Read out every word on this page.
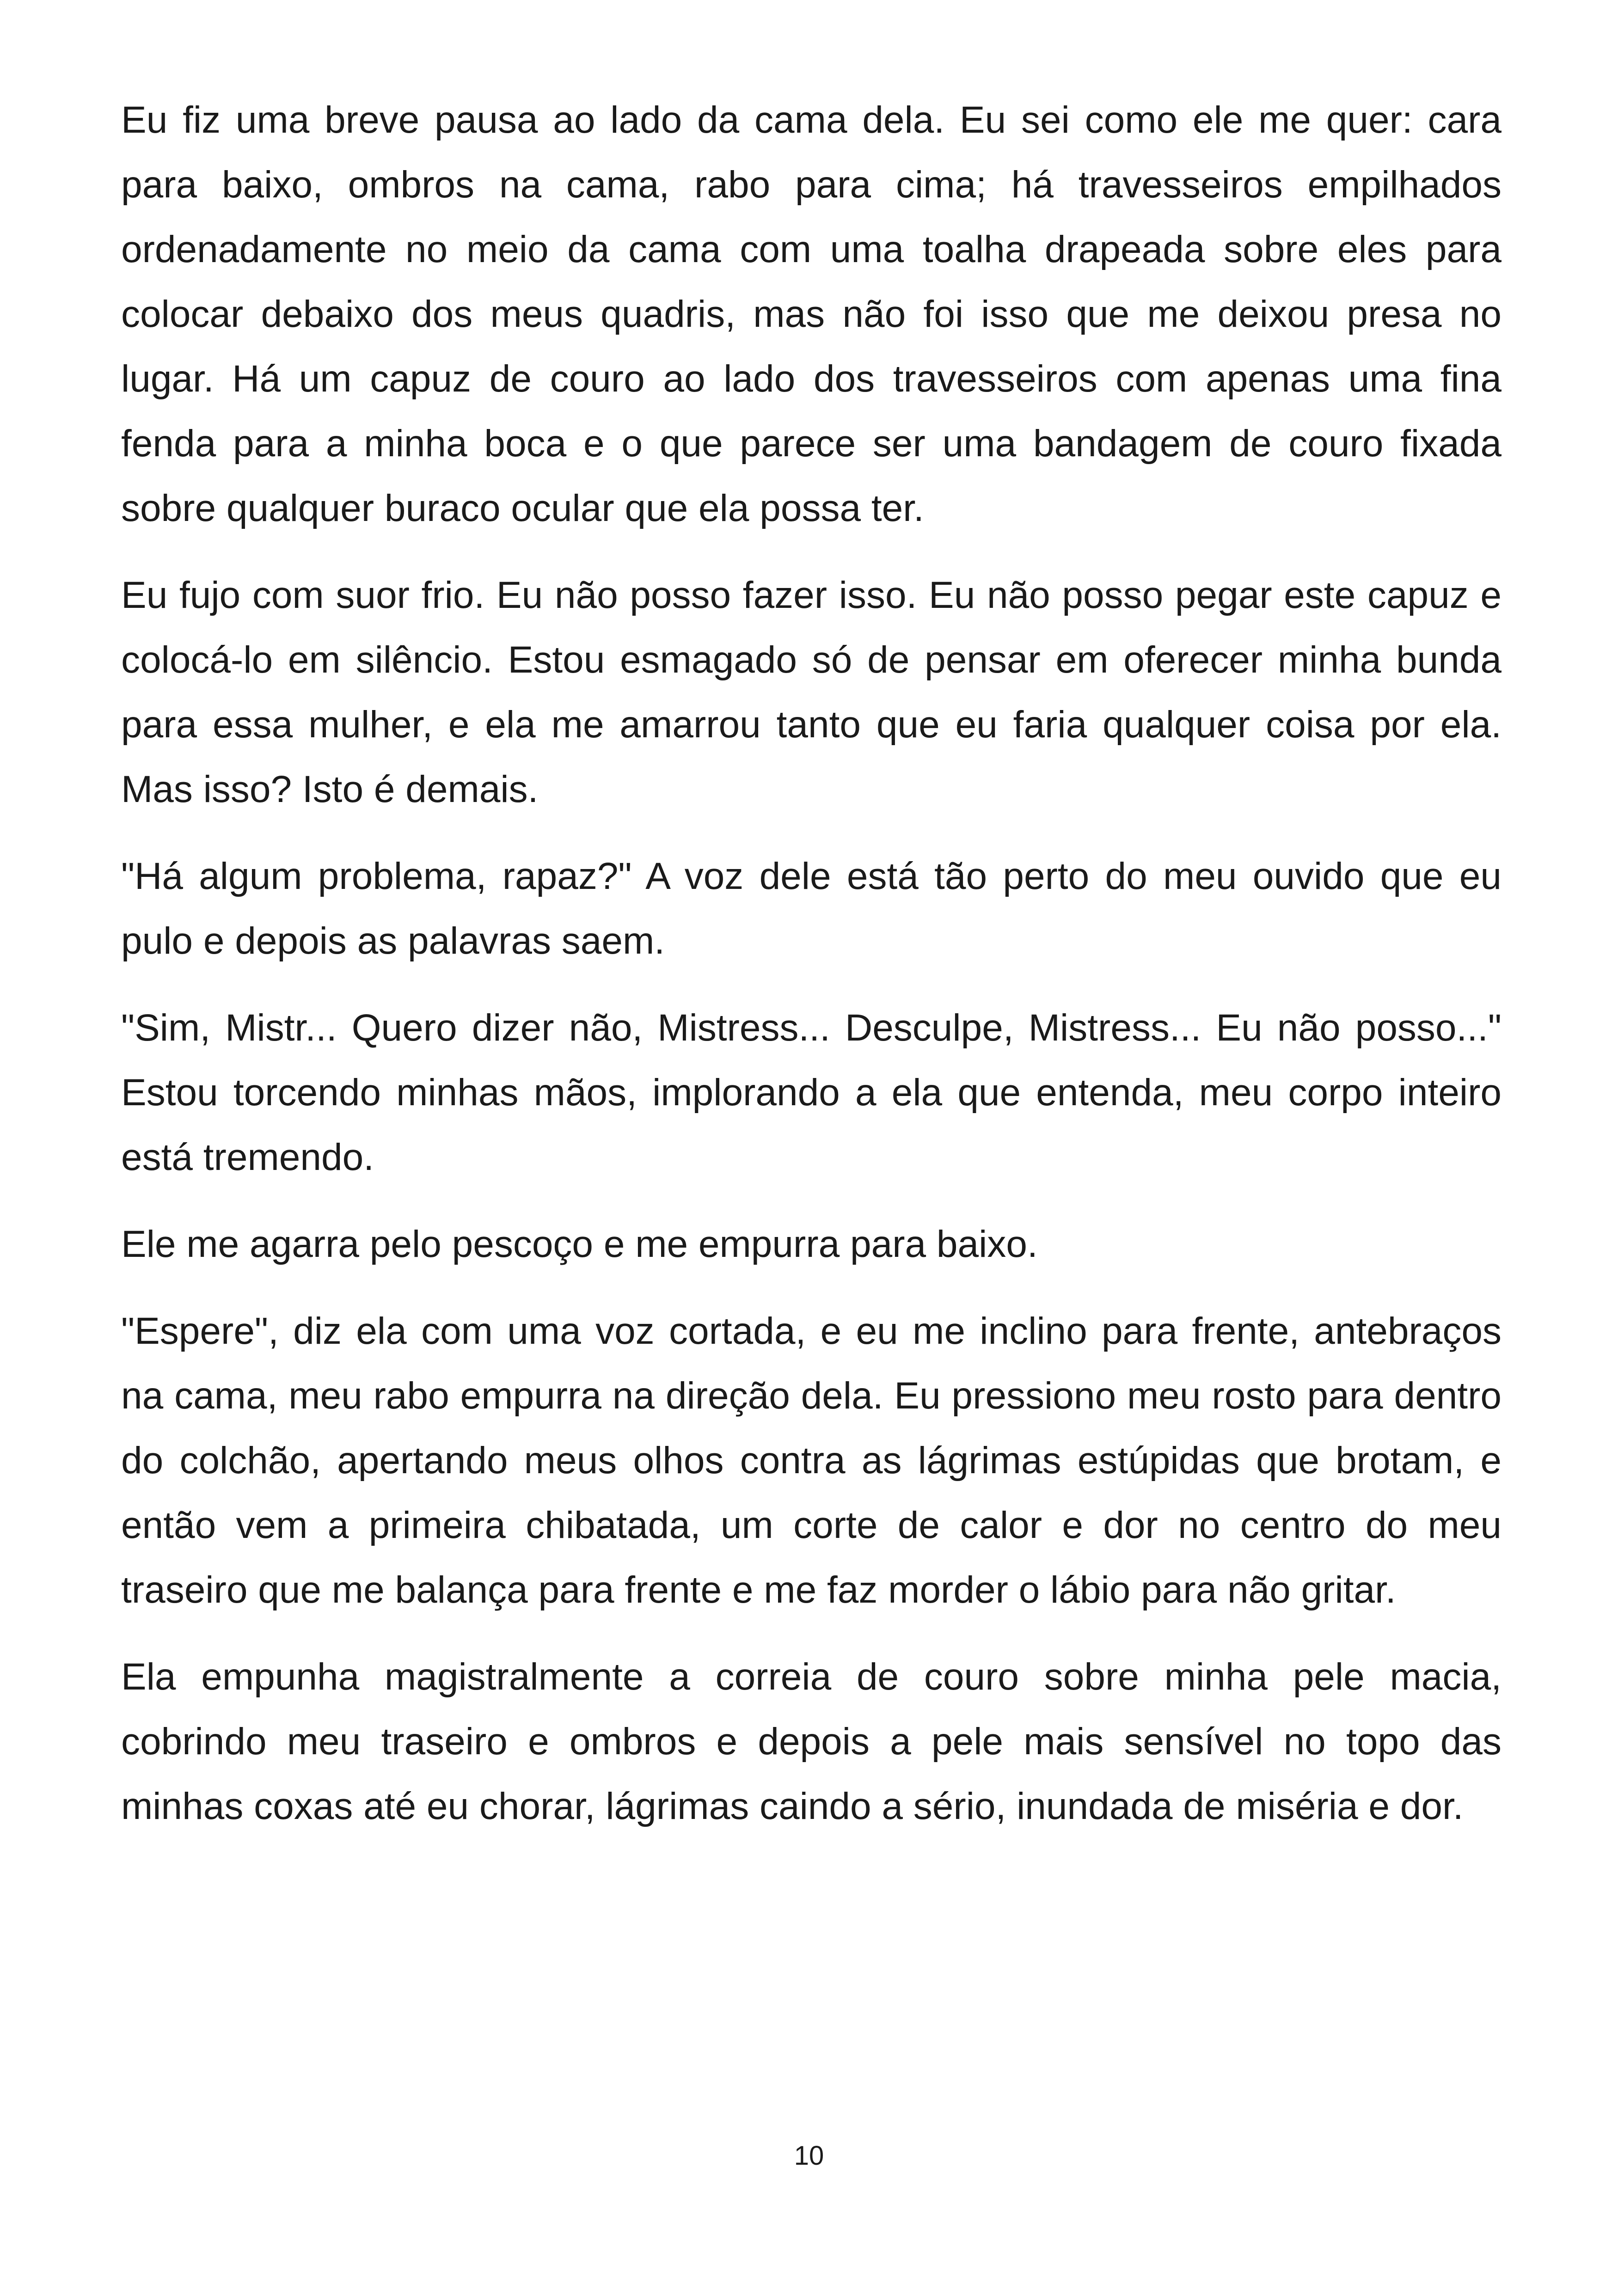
Eu fiz uma breve pausa ao lado da cama dela. Eu sei como ele me quer: cara para baixo, ombros na cama, rabo para cima; há travesseiros empilhados ordenadamente no meio da cama com uma toalha drapeada sobre eles para colocar debaixo dos meus quadris, mas não foi isso que me deixou presa no lugar. Há um capuz de couro ao lado dos travesseiros com apenas uma fina fenda para a minha boca e o que parece ser uma bandagem de couro fixada sobre qualquer buraco ocular que ela possa ter.

Eu fujo com suor frio. Eu não posso fazer isso. Eu não posso pegar este capuz e colocá-lo em silêncio. Estou esmagado só de pensar em oferecer minha bunda para essa mulher, e ela me amarrou tanto que eu faria qualquer coisa por ela. Mas isso? Isto é demais.

"Há algum problema, rapaz?" A voz dele está tão perto do meu ouvido que eu pulo e depois as palavras saem.

"Sim, Mistr... Quero dizer não, Mistress... Desculpe, Mistress... Eu não posso..." Estou torcendo minhas mãos, implorando a ela que entenda, meu corpo inteiro está tremendo.

Ele me agarra pelo pescoço e me empurra para baixo.

"Espere", diz ela com uma voz cortada, e eu me inclino para frente, antebraços na cama, meu rabo empurra na direção dela. Eu pressiono meu rosto para dentro do colchão, apertando meus olhos contra as lágrimas estúpidas que brotam, e então vem a primeira chibatada, um corte de calor e dor no centro do meu traseiro que me balança para frente e me faz morder o lábio para não gritar.

Ela empunha magistralmente a correia de couro sobre minha pele macia, cobrindo meu traseiro e ombros e depois a pele mais sensível no topo das minhas coxas até eu chorar, lágrimas caindo a sério, inundada de miséria e dor.

10
